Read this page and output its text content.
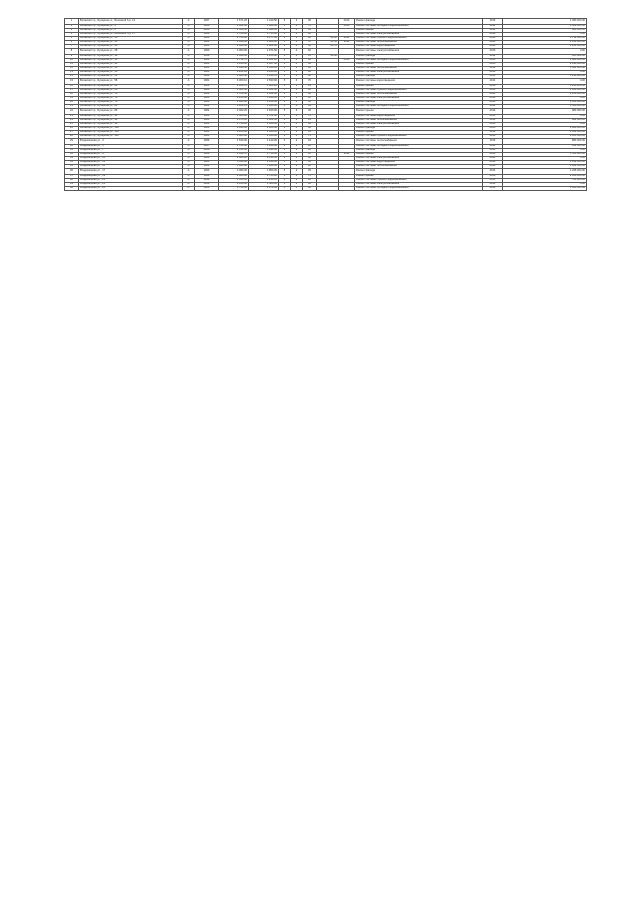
1	Волжский пр., Бухарина ул., Волжский б-р, 13	А	1957	1 571.20	1 310.50	5	3	35		2010	Ремонт фасада	2015	1 380 000.00
2	Волжский пр., Бухарина ул., 4	А	1958	4 402.60	3 024.50	5	4	75		2010	Ремонт системы холодного водоснабжения	2014	4 508 000.00
3	Волжский пр., Бухарина ул., 8	А	1958	2 548.40	1 999.00	5	4	60			Ремонт крыши	2014	960 000.00
4	Волжский пр., Бухарина ул., Волжский б-р, 17	А	1959	3 789.20	2 745.00	5	4	80			Ремонт системы электроснабжения	2016	0.00
5	Волжский пр., Бухарина ул., 16	А	1963	1 760.60	1 277.00	5	3	40	22.60	2011	Ремонт системы горячего водоснабжения	2015	1 712 000.00
6	Волжский пр., Бухарина ул., 22	А	1962	4 048.60	3 900.00	5	6	70	21.50	2011	Ремонт системы теплоснабжения	2015	2 040 000.00
7	Волжский пр., Бухарина ул., 26	А	1961	2 904.50	2 021.00	5	4	60	21.70		Ремонт системы водоотведения	2016	1 264 000.00
8	Волжский пр., Бухарина ул., 28	А	1960	3 360.00	1 971.50	5	4	60			Ремонт системы электроснабжения	2015	0.00
9	Волжский пр., Бухарина ул., 34	А	1959	1 640.00	1 250.00	5	3	35	22.60		Ремонт фасада	2014	305 000.00
10	Волжский пр., Бухарина ул., 38	А	1963	2 752.70	2 001.20	5	4	60		2010	Ремонт системы холодного водоснабжения	2016	1 680 000.00
11	Волжский пр., Бухарина ул., 42	А	1962	3 120.00	2 367.00	5	4	64			Ремонт крыши	2015	2 190 000.00
12	Волжский пр., Бухарина ул., 46	А	1961	2 090.60	1 554.00	5	3	45			Ремонт системы теплоснабжения	2014	1 004 000.00
13	Волжский пр., Бухарина ул., 50	А	1963	4 202.00	3 240.00	5	6	90			Ремонт системы электроснабжения	2016	0.00
14	Волжский пр., Бухарина ул., 54	А	1964	2 800.40	2 010.70	5	4	60			Ремонт фасада	2015	1 140 000.00
15	Волжский пр., Бухарина ул., 58	А	1961	3 300.10	2 530.00	5	4	70			Ремонт системы водоотведения	2014	0.00
16	Волжский пр., Бухарина ул., 62	А	1963	2 450.70	1 880.20	5	3	45			Ремонт крыши	2016	1 200 000.00
17	Волжский пр., Бухарина ул., 66	А	1960	1 988.40	1 420.50	5	3	40			Ремонт системы горячего водоснабжения	2015	1 060 000.00
18	Волжский пр., Бухарина ул., 70	А	1962	3 702.00	2 812.00	5	5	80			Ремонт системы теплоснабжения	2014	2 250 000.00
19	Волжский пр., Бухарина ул., 74	А	1961	2 210.00	1 644.00	5	3	45			Ремонт системы электроснабжения	2016	0.00
20	Волжский пр., Бухарина ул., 78	А	1963	2 960.30	2 214.50	5	4	60			Ремонт фасада	2015	1 308 000.00
21	Волжский пр., Бухарина ул., 82	А	1962	3 120.70	2 360.00	5	4	64			Ремонт системы холодного водоснабжения	2014	1 520 000.00
22	Волжский пр., Бухарина ул., 86	А	1964	2 402.20	1 810.00	5	3	45			Ремонт крыши	2016	980 000.00
23	Волжский пр., Бухарина ул., 90	А	1960	3 560.80	2 701.00	5	5	75			Ремонт системы водоотведения	2015	0.00
24	Волжский пр., Бухарина ул., 94	А	1961	1 870.00	1 402.00	5	3	35			Ремонт системы теплоснабжения	2014	964 000.00
25	Волжский пр., Бухарина ул., 98	А	1963	2 740.20	2 060.00	5	4	60			Ремонт системы электроснабжения	2016	0.00
26	Волжский пр., Бухарина ул., 102	А	1962	3 090.00	2 300.40	5	4	64			Ремонт фасада	2015	1 460 000.00
27	Волжский пр., Бухарина ул., 106	А	1961	2 200.60	1 650.30	5	3	45			Ремонт крыши	2014	1 022 000.00
28	Волжский пр., Бухарина ул., 110	А	1964	3 480.00	2 610.00	5	5	75			Ремонт системы горячего водоснабжения	2016	2 100 000.00
29	Владимирова ул., 3	А	1956	1 530.00	1 140.00	4	2	24			Ремонт системы теплоснабжения	2015	880 000.00
30	Владимирова ул., 5	А	1957	1 720.50	1 290.40	4	2	28			Ремонт системы холодного водоснабжения	2014	912 000.00
31	Владимирова ул., 7	А	1958	2 010.00	1 490.00	5	3	40			Ремонт фасада	2016	0.00
32	Владимирова ул., 9	А	1959	2 340.70	1 750.00	5	3	45		2011	Ремонт крыши	2015	1 116 000.00
33	Владимирова ул., 11	А	1960	2 860.20	2 130.00	5	4	60			Ремонт системы электроснабжения	2014	0.00
34	Владимирова ул., 13	А	1961	3 110.00	2 330.60	5	4	64			Ремонт системы водоотведения	2016	1 432 000.00
35	Владимирова ул., 15	А	1962	1 920.40	1 440.00	5	3	40			Ремонт системы теплоснабжения	2015	1 004 000.00
36	Владимирова ул., 17	А	1963	2 480.00	1 860.00	5	3	45			Ремонт фасада	2014	1 208 000.00
37	Владимирова ул., 19	А	1964	3 620.00	2 720.00	5	5	75			Ремонт крыши	2016	2 050 000.00
38	Владимирова ул., 21	А	1958	1 650.00	1 230.00	4	2	28			Ремонт системы горячего водоснабжения	2015	760 000.00
39	Владимирова ул., 23	А	1959	2 100.00	1 580.00	5	3	40			Ремонт системы электроснабжения	2014	0.00
40	Владимирова ул., 25	А	1960	2 760.00	2 070.00	5	4	60			Ремонт системы холодного водоснабжения	2016	1 300 000.00
